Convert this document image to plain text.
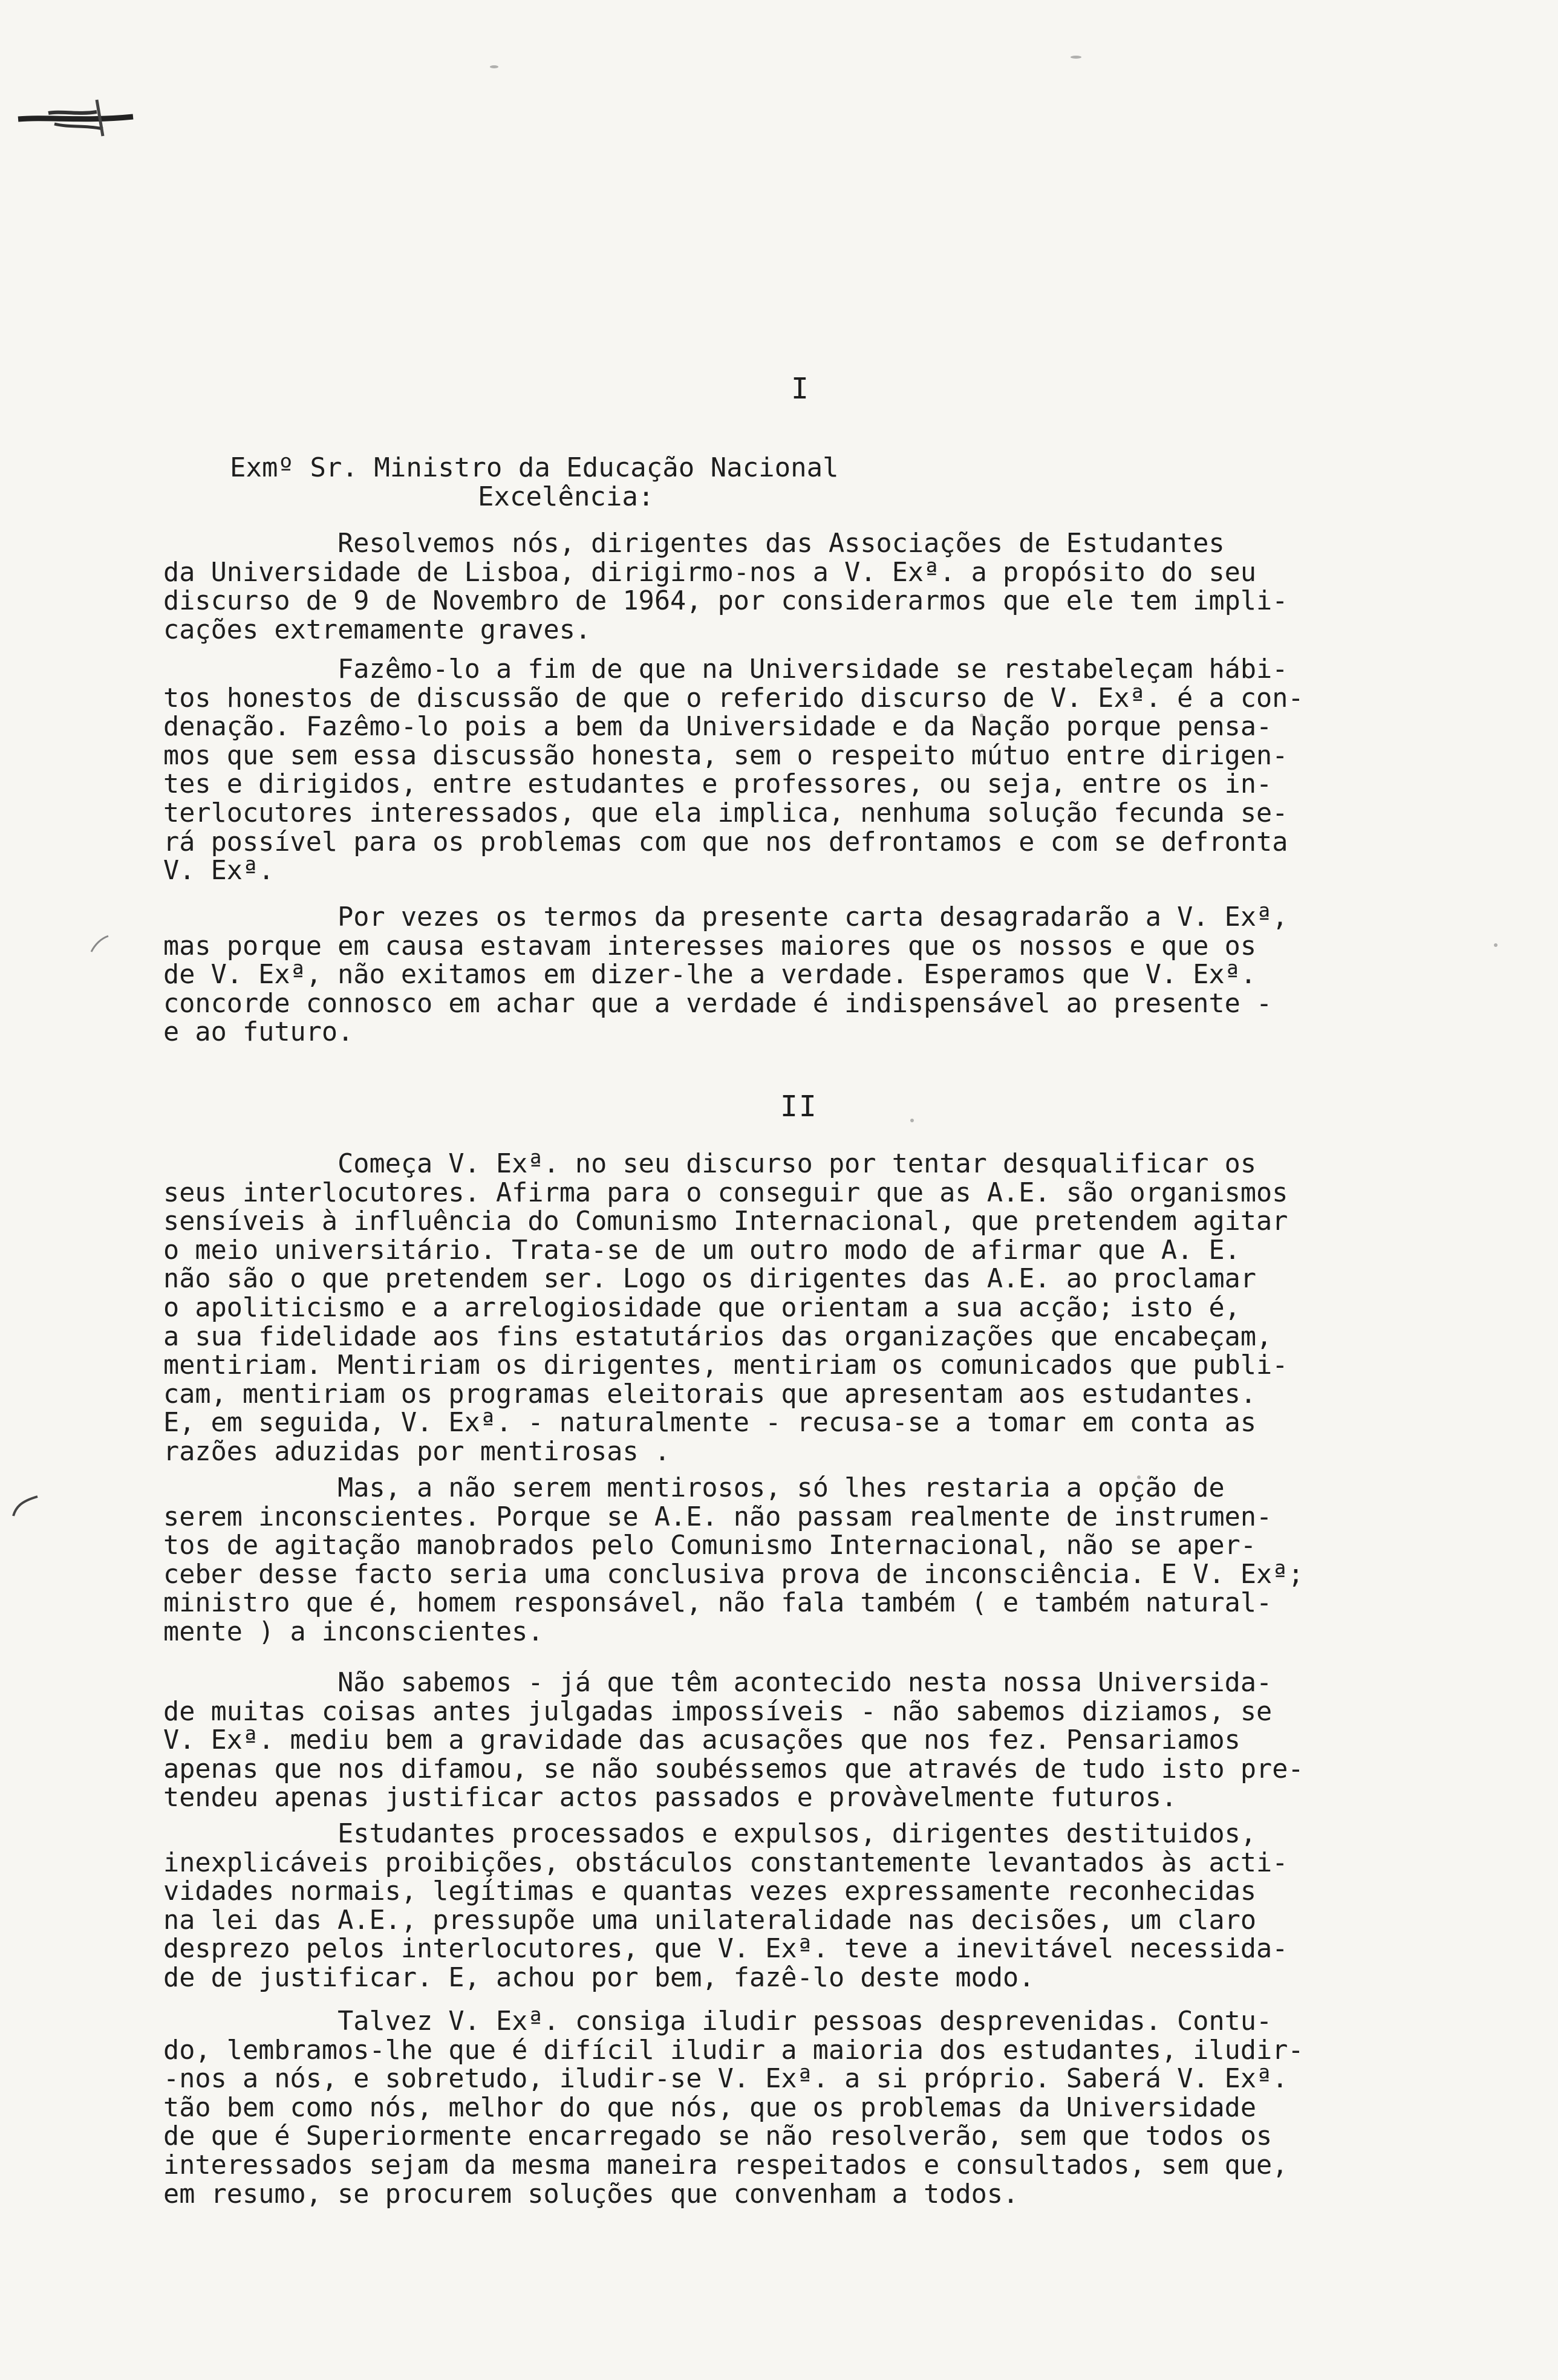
I
Exmº Sr. Ministro da Educação Nacional
Excelência:

Resolvemos nós, dirigentes das Associações de Estudantes
da Universidade de Lisboa, dirigirmo-nos a V. Exª. a propósito do seu
discurso de 9 de Novembro de 1964, por considerarmos que ele tem impli-
cações extremamente graves.

Fazêmo-lo a fim de que na Universidade se restabeleçam hábi-
tos honestos de discussão de que o referido discurso de V. Exª. é a con-
denação. Fazêmo-lo pois a bem da Universidade e da Nação porque pensa-
mos que sem essa discussão honesta, sem o respeito mútuo entre dirigen-
tes e dirigidos, entre estudantes e professores, ou seja, entre os in-
terlocutores interessados, que ela implica, nenhuma solução fecunda se-
rá possível para os problemas com que nos defrontamos e com se defronta
V. Exª.

Por vezes os termos da presente carta desagradarão a V. Exª,
mas porque em causa estavam interesses maiores que os nossos e que os
de V. Exª, não exitamos em dizer-lhe a verdade. Esperamos que V. Exª.
concorde connosco em achar que a verdade é indispensável ao presente -
e ao futuro.

II

Começa V. Exª. no seu discurso por tentar desqualificar os
seus interlocutores. Afirma para o conseguir que as A.E. são organismos
sensíveis à influência do Comunismo Internacional, que pretendem agitar
o meio universitário. Trata-se de um outro modo de afirmar que A. E.
não são o que pretendem ser. Logo os dirigentes das A.E. ao proclamar
o apoliticismo e a arrelogiosidade que orientam a sua acção; isto é,
a sua fidelidade aos fins estatutários das organizações que encabeçam,
mentiriam. Mentiriam os dirigentes, mentiriam os comunicados que publi-
cam, mentiriam os programas eleitorais que apresentam aos estudantes.
E, em seguida, V. Exª. - naturalmente - recusa-se a tomar em conta as
razões aduzidas por mentirosas .

Mas, a não serem mentirosos, só lhes restaria a opção de
serem inconscientes. Porque se A.E. não passam realmente de instrumen-
tos de agitação manobrados pelo Comunismo Internacional, não se aper-
ceber desse facto seria uma conclusiva prova de inconsciência. E V. Exª;
ministro que é, homem responsável, não fala também ( e também natural-
mente ) a inconscientes.

Não sabemos - já que têm acontecido nesta nossa Universida-
de muitas coisas antes julgadas impossíveis - não sabemos diziamos, se
V. Exª. mediu bem a gravidade das acusações que nos fez. Pensariamos
apenas que nos difamou, se não soubéssemos que através de tudo isto pre-
tendeu apenas justificar actos passados e provàvelmente futuros.

Estudantes processados e expulsos, dirigentes destituidos,
inexplicáveis proibições, obstáculos constantemente levantados às acti-
vidades normais, legítimas e quantas vezes expressamente reconhecidas
na lei das A.E., pressupõe uma unilateralidade nas decisões, um claro
desprezo pelos interlocutores, que V. Exª. teve a inevitável necessida-
de de justificar. E, achou por bem, fazê-lo deste modo.

Talvez V. Exª. consiga iludir pessoas desprevenidas. Contu-
do, lembramos-lhe que é difícil iludir a maioria dos estudantes, iludir-
-nos a nós, e sobretudo, iludir-se V. Exª. a si próprio. Saberá V. Exª.
tão bem como nós, melhor do que nós, que os problemas da Universidade
de que é Superiormente encarregado se não resolverão, sem que todos os
interessados sejam da mesma maneira respeitados e consultados, sem que,
em resumo, se procurem soluções que convenham a todos.
